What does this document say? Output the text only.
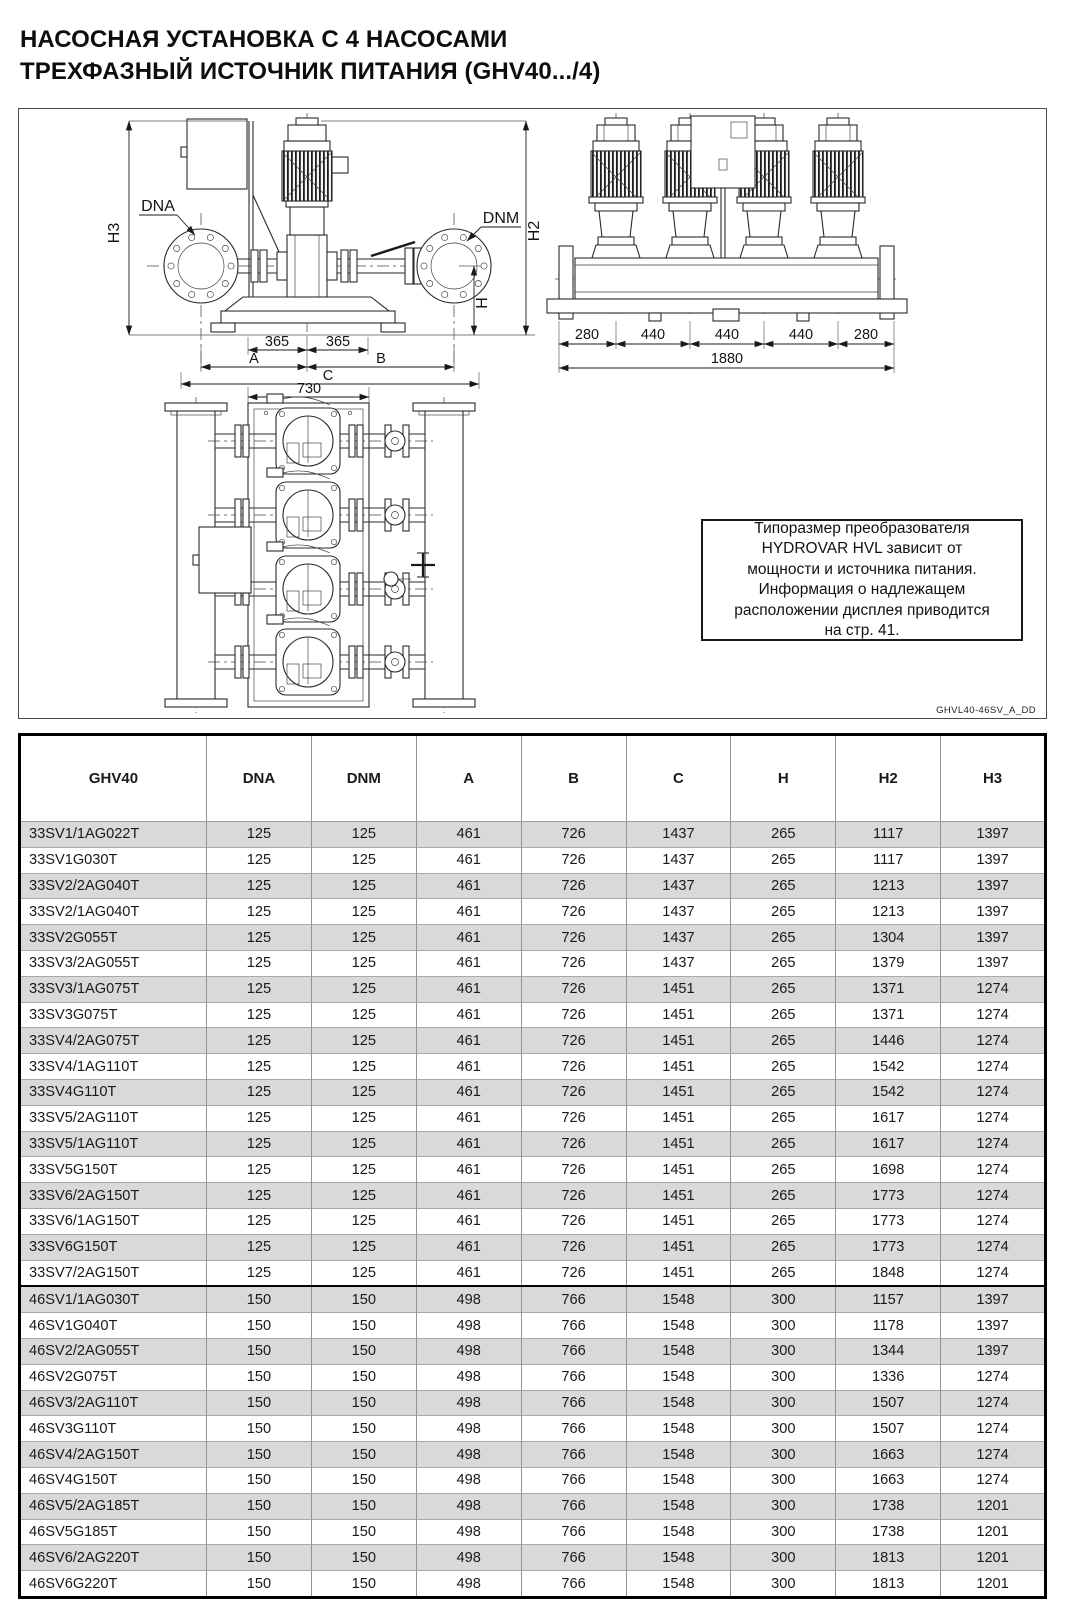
НАСОСНАЯ УСТАНОВКА С 4 НАСОСАМИ
ТРЕХФАЗНЫЙ ИСТОЧНИК ПИТАНИЯ (GHV40.../4)
DNA
DNM
H3	H2
H
365	365
A	B
C
730
280	440	440	440	280
1880
Типоразмер преобразователя
HYDROVAR HVL зависит от
мощности и источника питания.
Информация о надлежащем
расположении дисплея приводится
на стр. 41.
GHVL40-46SV_A_DD
GHV40	DNA	DNM	A	B	C	H	H2	H3
33SV1/1AG022T	125	125	461	726	1437	265	1117	1397
33SV1G030T	125	125	461	726	1437	265	1117	1397
33SV2/2AG040T	125	125	461	726	1437	265	1213	1397
33SV2/1AG040T	125	125	461	726	1437	265	1213	1397
33SV2G055T	125	125	461	726	1437	265	1304	1397
33SV3/2AG055T	125	125	461	726	1437	265	1379	1397
33SV3/1AG075T	125	125	461	726	1451	265	1371	1274
33SV3G075T	125	125	461	726	1451	265	1371	1274
33SV4/2AG075T	125	125	461	726	1451	265	1446	1274
33SV4/1AG110T	125	125	461	726	1451	265	1542	1274
33SV4G110T	125	125	461	726	1451	265	1542	1274
33SV5/2AG110T	125	125	461	726	1451	265	1617	1274
33SV5/1AG110T	125	125	461	726	1451	265	1617	1274
33SV5G150T	125	125	461	726	1451	265	1698	1274
33SV6/2AG150T	125	125	461	726	1451	265	1773	1274
33SV6/1AG150T	125	125	461	726	1451	265	1773	1274
33SV6G150T	125	125	461	726	1451	265	1773	1274
33SV7/2AG150T	125	125	461	726	1451	265	1848	1274
46SV1/1AG030T	150	150	498	766	1548	300	1157	1397
46SV1G040T	150	150	498	766	1548	300	1178	1397
46SV2/2AG055T	150	150	498	766	1548	300	1344	1397
46SV2G075T	150	150	498	766	1548	300	1336	1274
46SV3/2AG110T	150	150	498	766	1548	300	1507	1274
46SV3G110T	150	150	498	766	1548	300	1507	1274
46SV4/2AG150T	150	150	498	766	1548	300	1663	1274
46SV4G150T	150	150	498	766	1548	300	1663	1274
46SV5/2AG185T	150	150	498	766	1548	300	1738	1201
46SV5G185T	150	150	498	766	1548	300	1738	1201
46SV6/2AG220T	150	150	498	766	1548	300	1813	1201
46SV6G220T	150	150	498	766	1548	300	1813	1201
